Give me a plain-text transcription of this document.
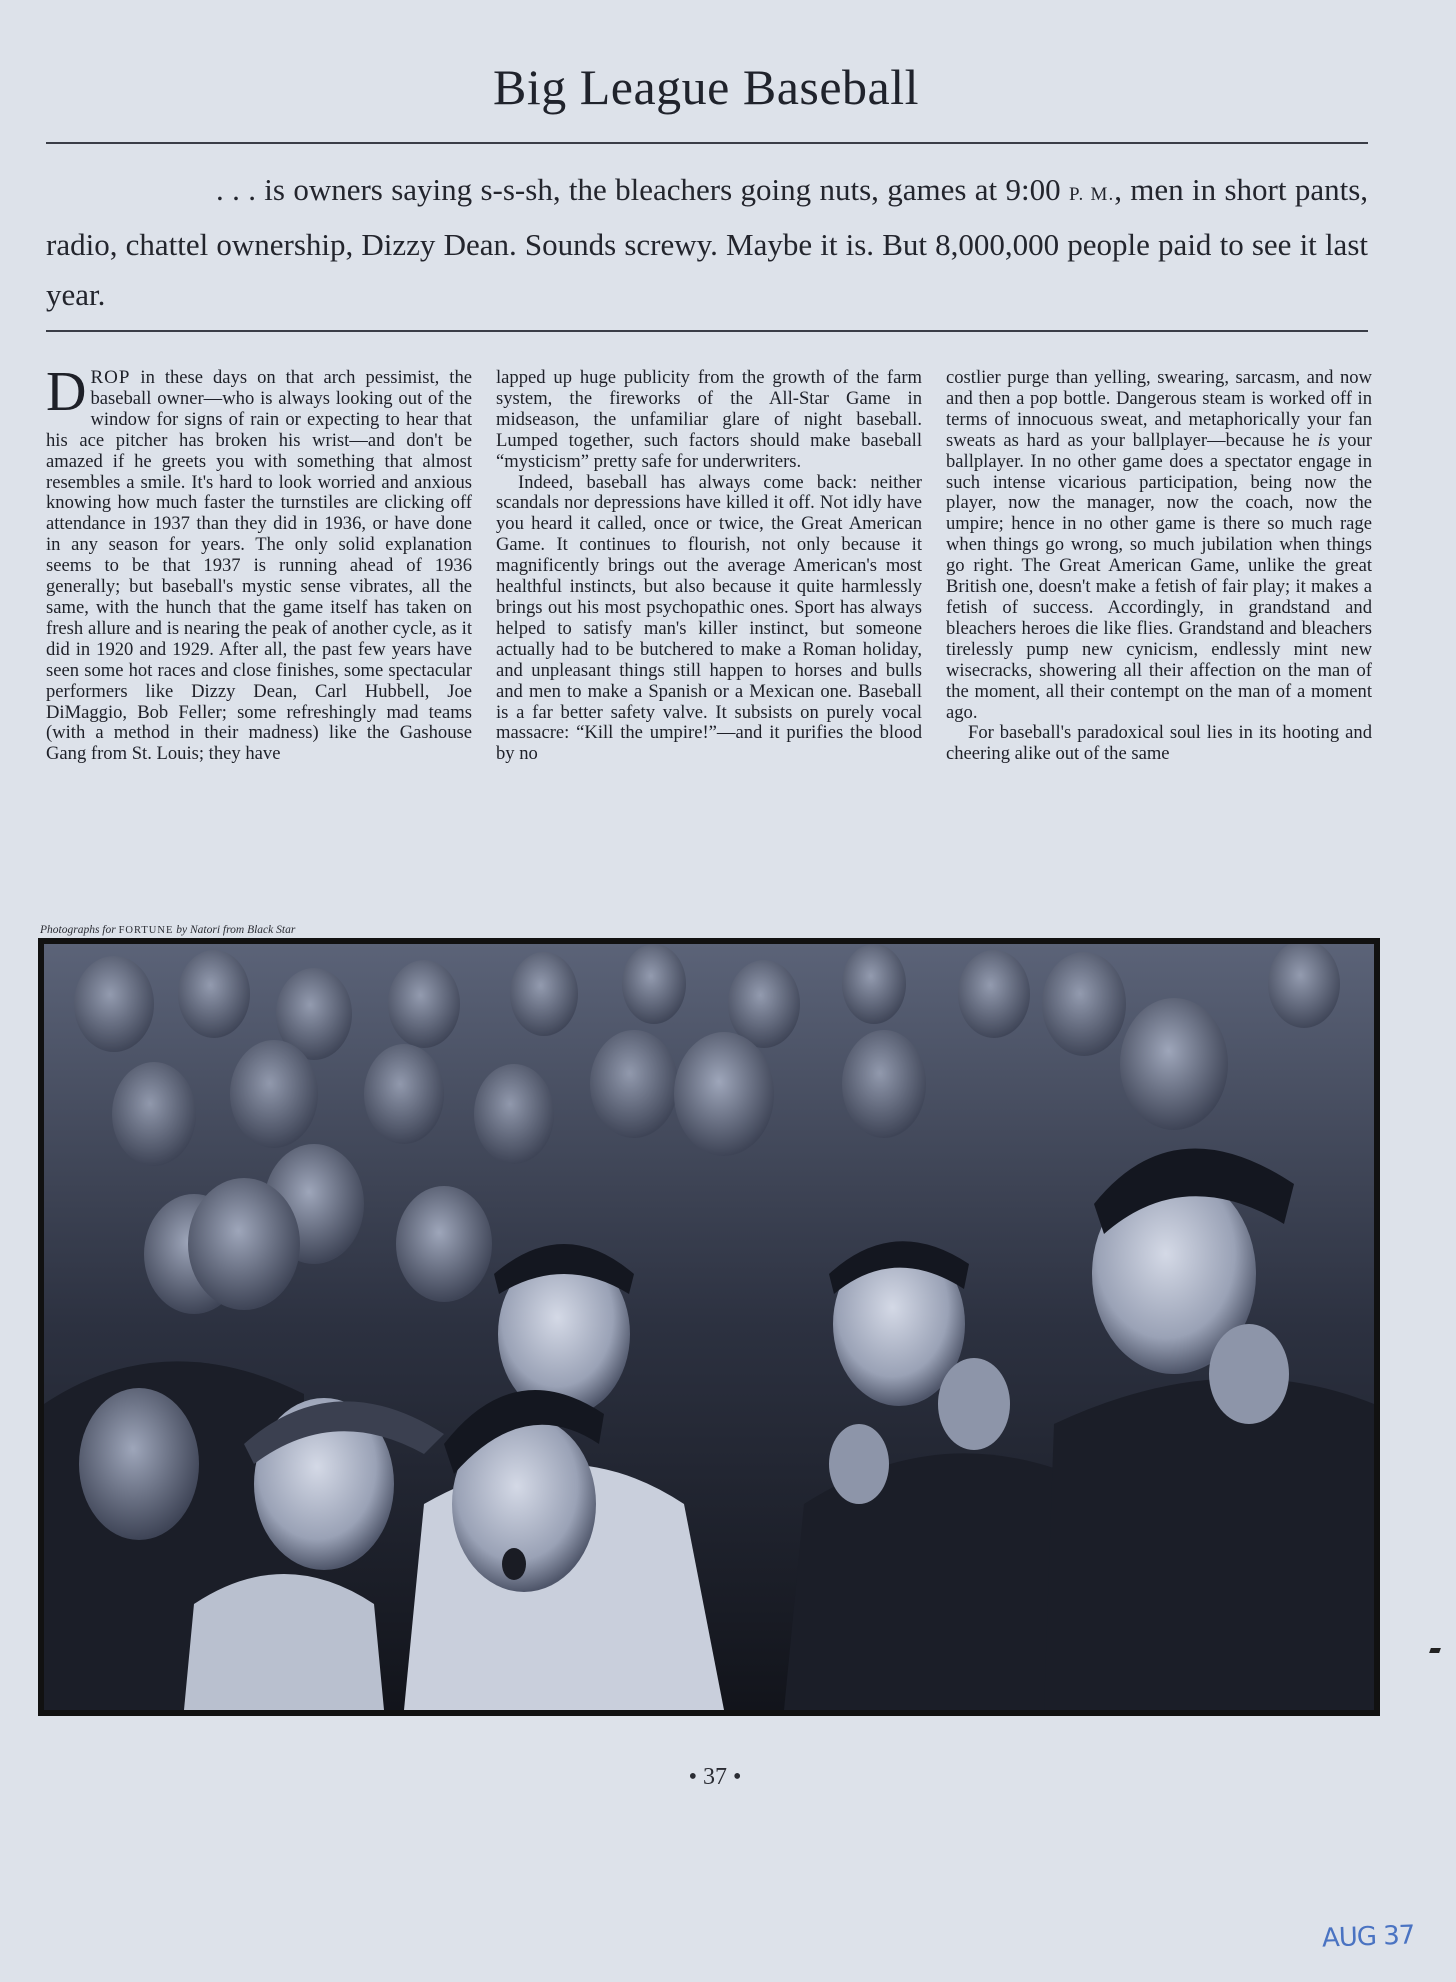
Big League Baseball

. . . is owners saying s-s-sh, the bleachers going nuts, games at 9:00 P. M., men in short pants, radio, chattel ownership, Dizzy Dean. Sounds screwy. Maybe it is. But 8,000,000 people paid to see it last year.

DROP in these days on that arch pessimist, the baseball owner—who is always looking out of the window for signs of rain or expecting to hear that his ace pitcher has broken his wrist—and don't be amazed if he greets you with something that almost resembles a smile. It's hard to look worried and anxious knowing how much faster the turnstiles are clicking off attendance in 1937 than they did in 1936, or have done in any season for years. The only solid explanation seems to be that 1937 is running ahead of 1936 generally; but baseball's mystic sense vibrates, all the same, with the hunch that the game itself has taken on fresh allure and is nearing the peak of another cycle, as it did in 1920 and 1929. After all, the past few years have seen some hot races and close finishes, some spectacular performers like Dizzy Dean, Carl Hubbell, Joe DiMaggio, Bob Feller; some refreshingly mad teams (with a method in their madness) like the Gashouse Gang from St. Louis; they have

lapped up huge publicity from the growth of the farm system, the fireworks of the All-Star Game in midseason, the unfamiliar glare of night baseball. Lumped together, such factors should make baseball “mysticism” pretty safe for underwriters.

Indeed, baseball has always come back: neither scandals nor depressions have killed it off. Not idly have you heard it called, once or twice, the Great American Game. It continues to flourish, not only because it magnificently brings out the average American's most healthful instincts, but also because it quite harmlessly brings out his most psychopathic ones. Sport has always helped to satisfy man's killer instinct, but someone actually had to be butchered to make a Roman holiday, and unpleasant things still happen to horses and bulls and men to make a Spanish or a Mexican one. Baseball is a far better safety valve. It subsists on purely vocal massacre: “Kill the umpire!”—and it purifies the blood by no

costlier purge than yelling, swearing, sarcasm, and now and then a pop bottle. Dangerous steam is worked off in terms of innocuous sweat, and metaphorically your fan sweats as hard as your ballplayer—because he is your ballplayer. In no other game does a spectator engage in such intense vicarious participation, being now the player, now the manager, now the coach, now the umpire; hence in no other game is there so much rage when things go wrong, so much jubilation when things go right. The Great American Game, unlike the great British one, doesn't make a fetish of fair play; it makes a fetish of success. Accordingly, in grandstand and bleachers heroes die like flies. Grandstand and bleachers tirelessly pump new cynicism, endlessly mint new wisecracks, showering all their affection on the man of the moment, all their contempt on the man of a moment ago.

For baseball's paradoxical soul lies in its hooting and cheering alike out of the same

Photographs for FORTUNE by Natori from Black Star

• 37 •

AUG 37
